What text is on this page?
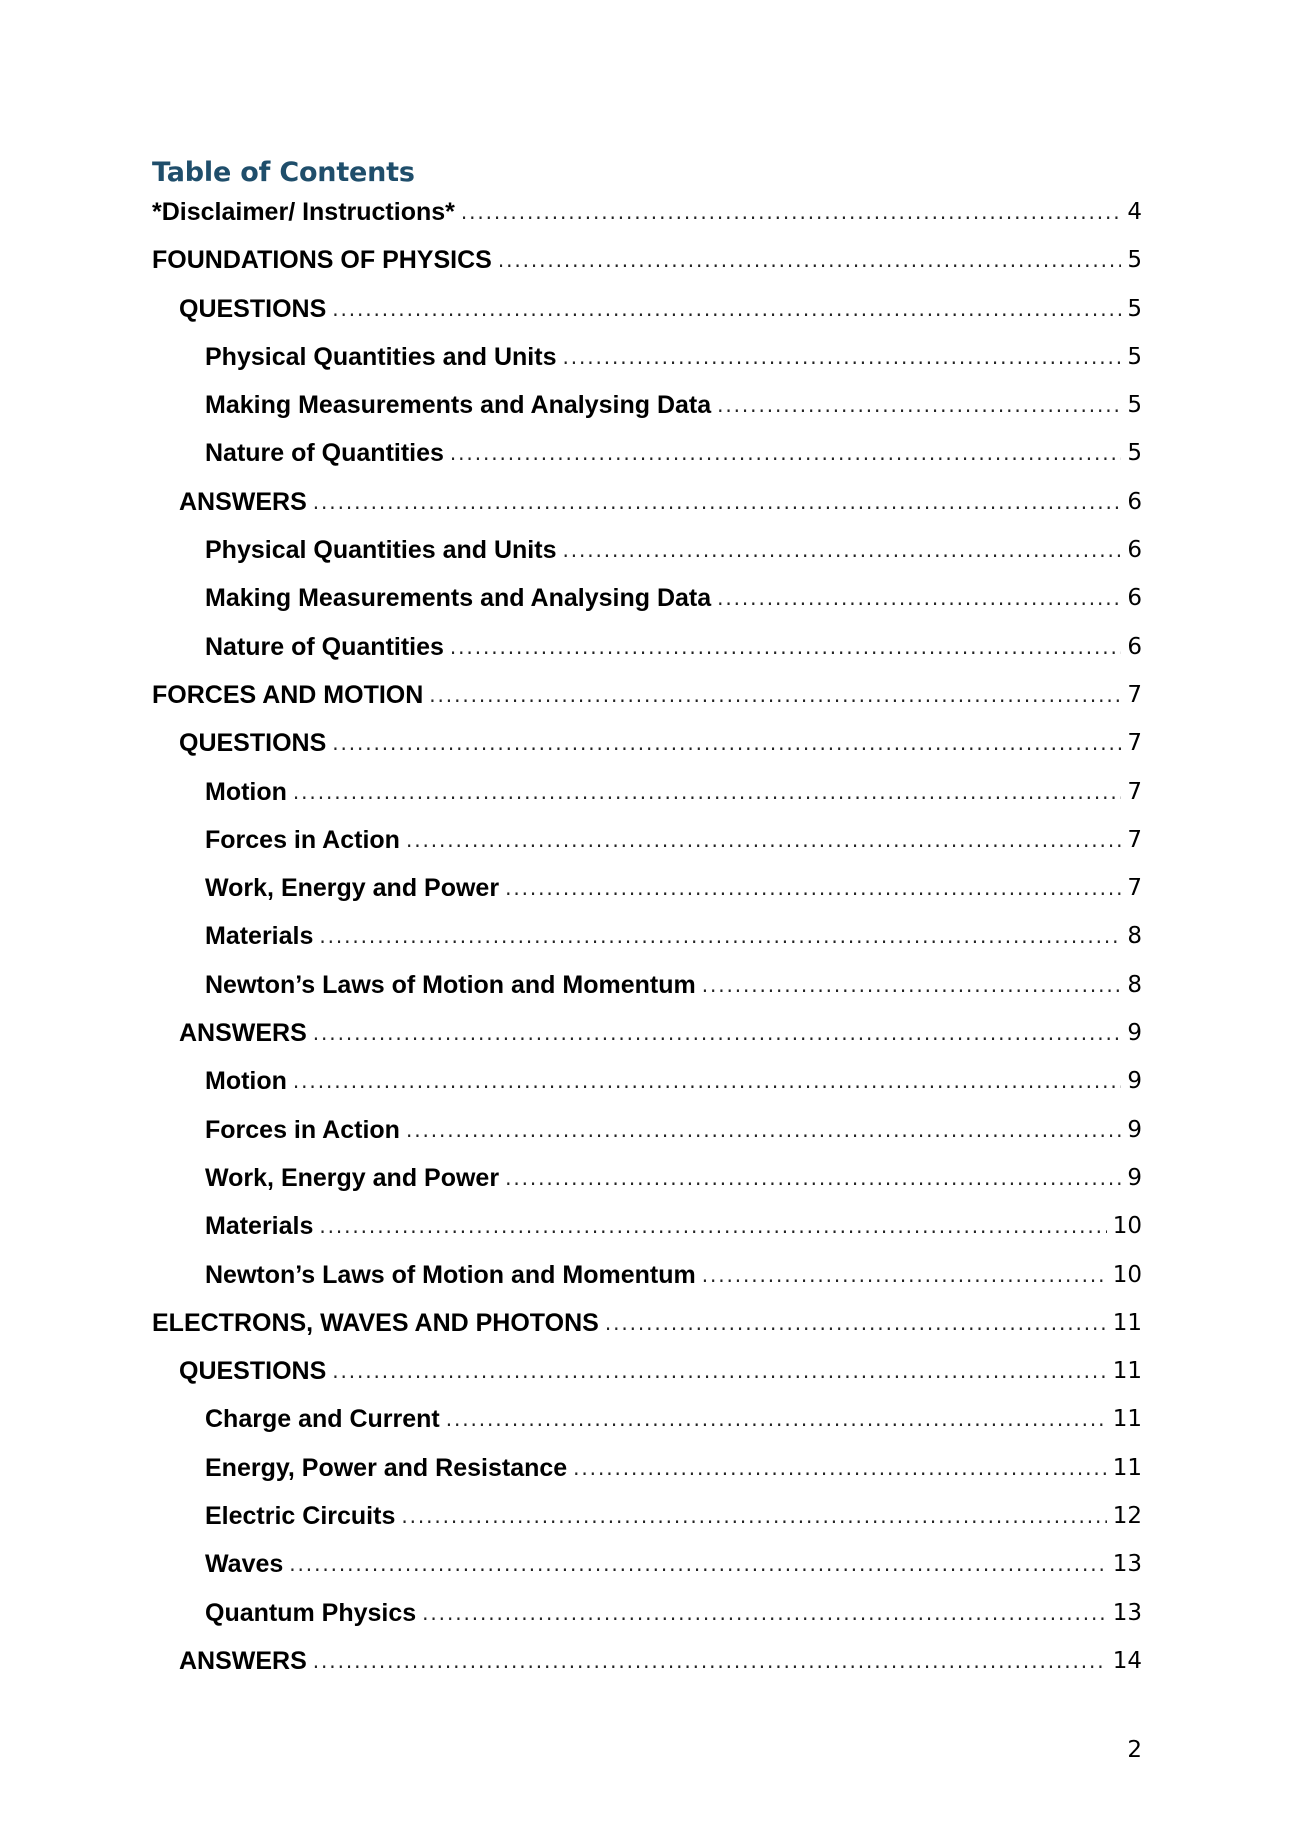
Table of Contents
*Disclaimer/ Instructions* .....	4
FOUNDATIONS OF PHYSICS .....	5
QUESTIONS .....	5
Physical Quantities and Units .....	5
Making Measurements and Analysing Data .....	5
Nature of Quantities .....	5
ANSWERS .....	6
Physical Quantities and Units .....	6
Making Measurements and Analysing Data .....	6
Nature of Quantities .....	6
FORCES AND MOTION .....	7
QUESTIONS .....	7
Motion .....	7
Forces in Action .....	7
Work, Energy and Power .....	7
Materials .....	8
Newton’s Laws of Motion and Momentum .....	8
ANSWERS .....	9
Motion .....	9
Forces in Action .....	9
Work, Energy and Power .....	9
Materials .....	10
Newton’s Laws of Motion and Momentum .....	10
ELECTRONS, WAVES AND PHOTONS .....	11
QUESTIONS .....	11
Charge and Current .....	11
Energy, Power and Resistance .....	11
Electric Circuits .....	12
Waves .....	13
Quantum Physics .....	13
ANSWERS .....	14
2
